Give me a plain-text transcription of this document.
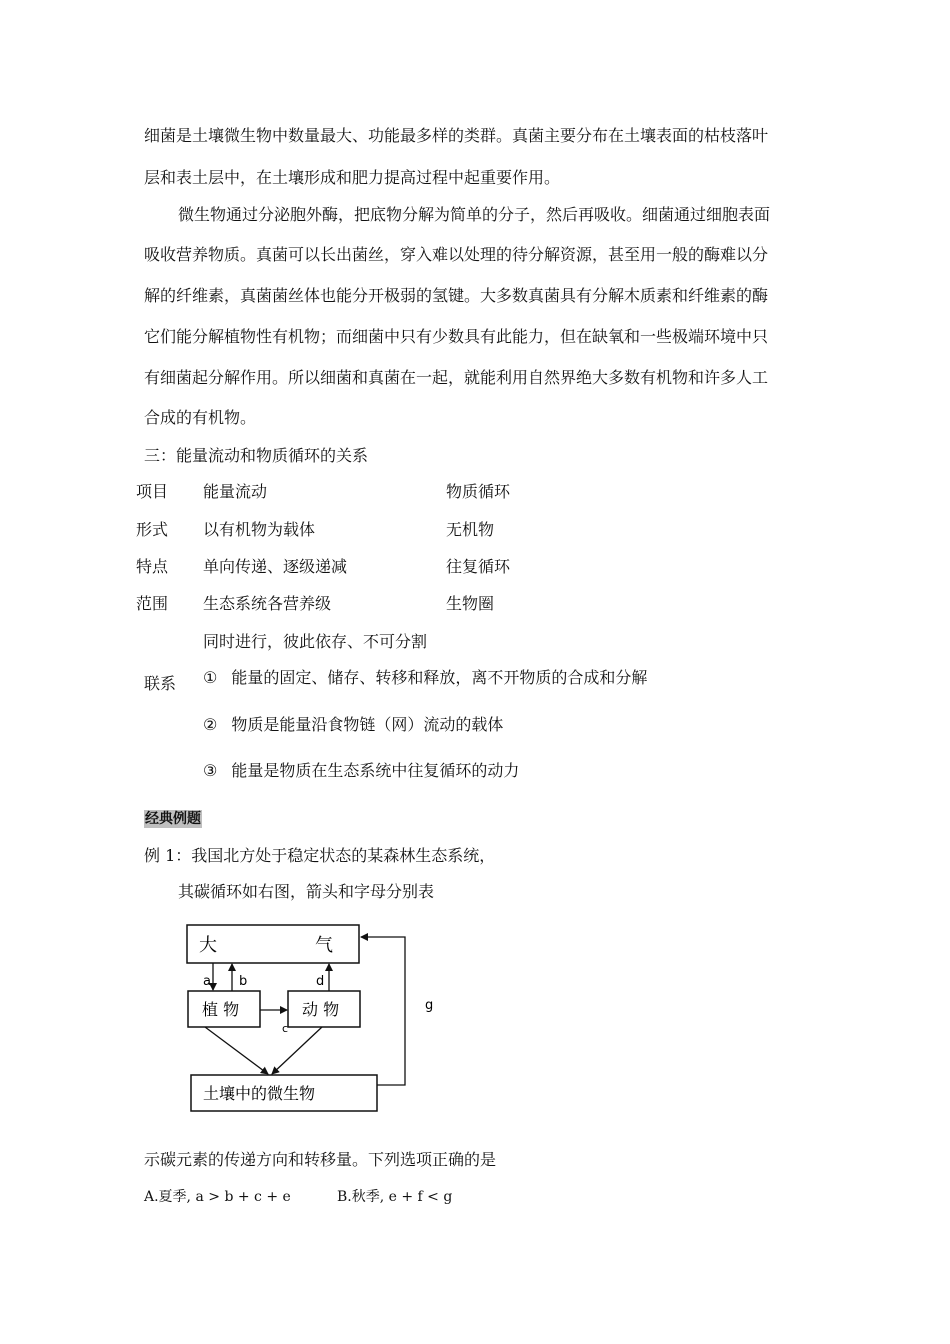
细菌是土壤微生物中数量最大、功能最多样的类群。真菌主要分布在土壤表面的枯枝落叶
层和表土层中，在土壤形成和肥力提高过程中起重要作用。
微生物通过分泌胞外酶，把底物分解为简单的分子，然后再吸收。细菌通过细胞表面
吸收营养物质。真菌可以长出菌丝，穿入难以处理的待分解资源，甚至用一般的酶难以分
解的纤维素，真菌菌丝体也能分开极弱的氢键。大多数真菌具有分解木质素和纤维素的酶
它们能分解植物性有机物；而细菌中只有少数具有此能力，但在缺氧和一些极端环境中只
有细菌起分解作用。所以细菌和真菌在一起，就能利用自然界绝大多数有机物和许多人工
合成的有机物。
三：能量流动和物质循环的关系
项目 能量流动	物质循环
形式 以有机物为载体	无机物
特点 单向传递、逐级递减	往复循环
范围 生态系统各营养级	生物圈
同时进行，彼此依存、不可分割
联系 ① 能量的固定、储存、转移和释放，离不开物质的合成和分解
② 物质是能量沿食物链（网）流动的载体
③ 能量是物质在生态系统中往复循环的动力
经典例题
例 1：我国北方处于稳定状态的某森林生态系统，
其碳循环如右图，箭头和字母分别表
大	气
植 物	动 物
土壤中的微生物
a b	d
c
g
示碳元素的传递方向和转移量。下列选项正确的是
A.夏季, a > b + c + e	B.秋季, e + f < g
